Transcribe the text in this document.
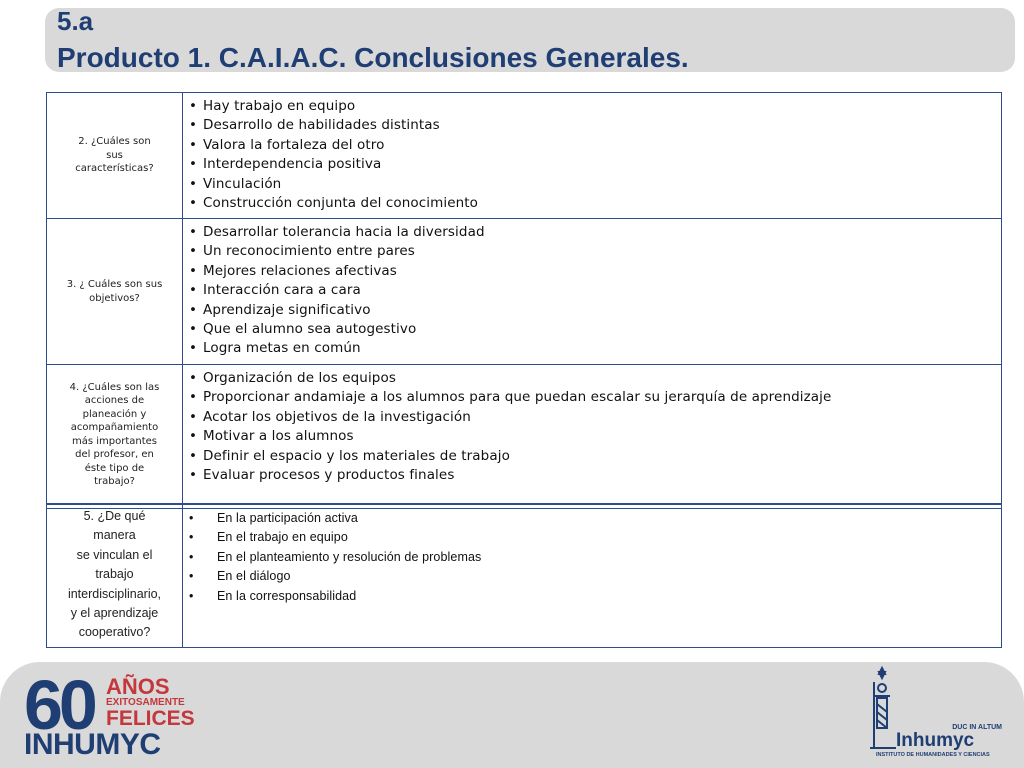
5.a
Producto 1. C.A.I.A.C. Conclusiones Generales.
2. ¿Cuáles son
sus
características?
• Hay trabajo en equipo
• Desarrollo de habilidades distintas
• Valora la fortaleza del otro
• Interdependencia positiva
• Vinculación
• Construcción conjunta del conocimiento
3. ¿ Cuáles son sus
objetivos?
• Desarrollar tolerancia hacia la diversidad
• Un reconocimiento entre pares
• Mejores relaciones afectivas
• Interacción cara a cara
• Aprendizaje significativo
• Que el alumno sea autogestivo
• Logra metas en común
4. ¿Cuáles son las
acciones de
planeación y
acompañamiento
más importantes
del profesor, en
éste tipo de
trabajo?
• Organización de los equipos
• Proporcionar andamiaje a los alumnos para que puedan escalar su jerarquía de aprendizaje
• Acotar los objetivos de la investigación
• Motivar a los alumnos
• Definir el espacio y los materiales de trabajo
• Evaluar procesos y productos finales
5. ¿De qué
manera
se vinculan el
trabajo
interdisciplinario,
y el aprendizaje
cooperativo?
• En la participación activa
• En el trabajo en equipo
• En el planteamiento y resolución de problemas
• En el diálogo
• En la corresponsabilidad
60 AÑOS
EXITOSAMENTE
FELICES
INHUMYC
DUC IN ALTUM
Inhumyc
INSTITUTO DE HUMANIDADES Y CIENCIAS
